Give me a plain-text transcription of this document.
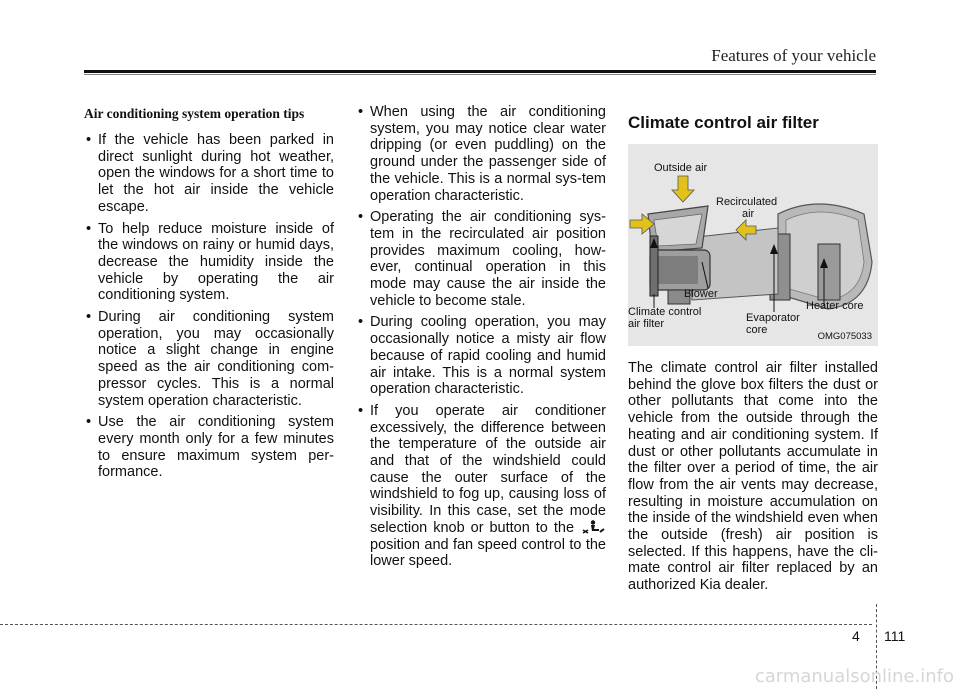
Features of your vehicle
Air conditioning system operation tips
• If the vehicle has been parked in direct sunlight during hot weather, open the windows for a short time to let the hot air inside the vehicle escape.
• To help reduce moisture inside of the windows on rainy or humid days, decrease the humidity inside the vehicle by operating the air conditioning system.
• During air conditioning system operation, you may occasionally notice a slight change in engine speed as the air conditioning com-pressor cycles. This is a normal system operation characteristic.
• Use the air conditioning system every month only for a few minutes to ensure maximum system per-formance.
• When using the air conditioning system, you may notice clear water dripping (or even puddling) on the ground under the passenger side of the vehicle. This is a normal sys-tem operation characteristic.
• Operating the air conditioning sys-tem in the recirculated air position provides maximum cooling, how-ever, continual operation in this mode may cause the air inside the vehicle to become stale.
• During cooling operation, you may occasionally notice a misty air flow because of rapid cooling and humid air intake. This is a normal system operation characteristic.
• If you operate air conditioner excessively, the difference between the temperature of the outside air and that of the windshield could cause the outer surface of the windshield to fog up, causing loss of visibility. In this case, set the mode selection knob or button to the  position and fan speed control to the lower speed.
Climate control air filter
Outside air
Recirculated
air
Blower
Climate control
air filter	Evaporator
core
Heater core
OMG075033
The climate control air filter installed behind the glove box filters the dust or other pollutants that come into the vehicle from the outside through the heating and air conditioning system. If dust or other pollutants accumulate in the filter over a period of time, the air flow from the air vents may decrease, resulting in moisture accumulation on the inside of the windshield even when the outside (fresh) air position is selected. If this happens, have the cli-mate control air filter replaced by an authorized Kia dealer.
4 111
carmanualsonline.info
